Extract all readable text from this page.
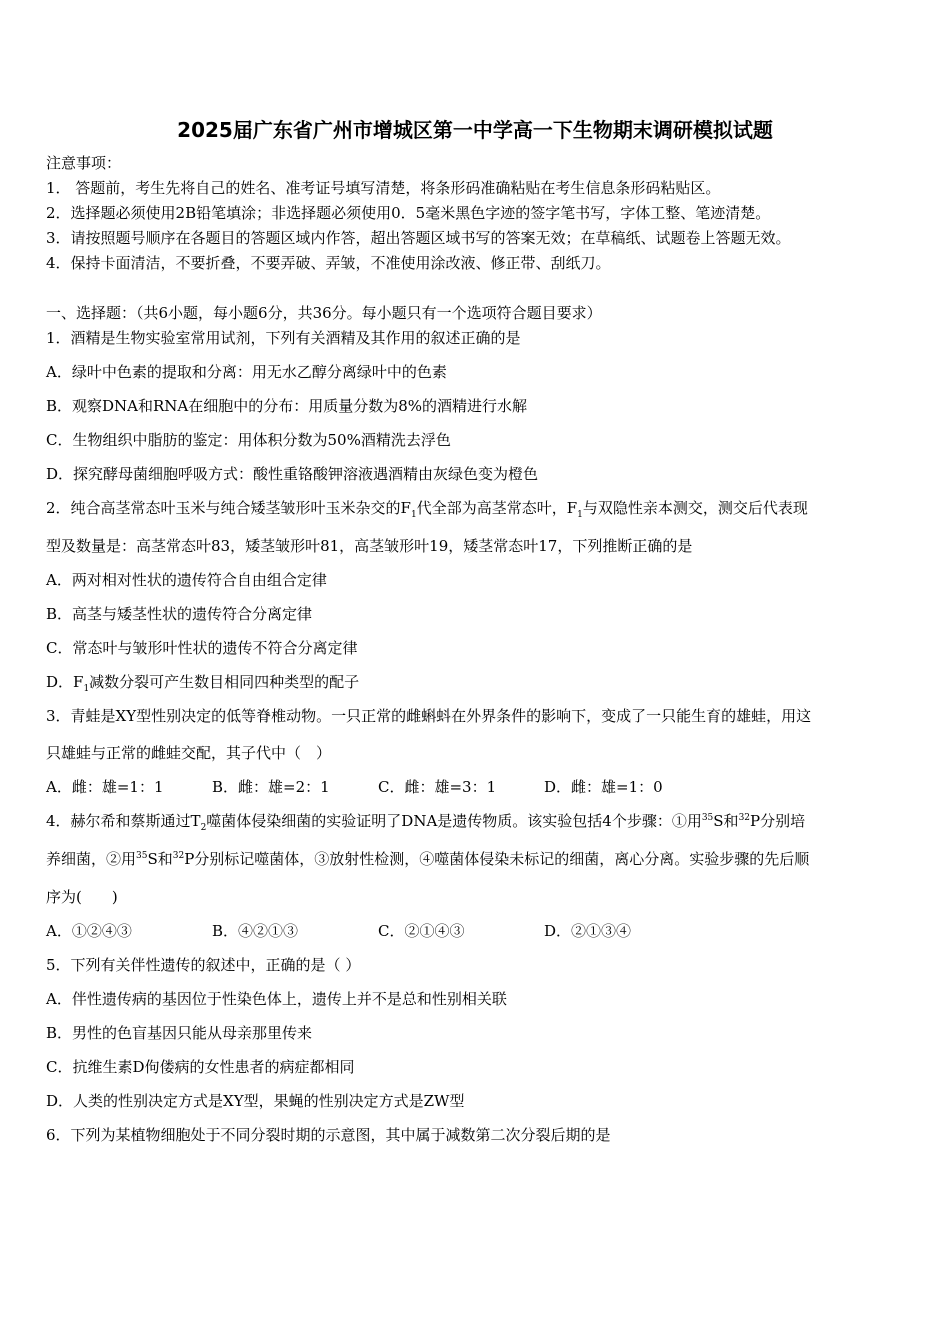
2025届广东省广州市增城区第一中学高一下生物期末调研模拟试题
注意事项：
1． 答题前，考生先将自己的姓名、准考证号填写清楚，将条形码准确粘贴在考生信息条形码粘贴区。
2．选择题必须使用2B铅笔填涂；非选择题必须使用0．5毫米黑色字迹的签字笔书写，字体工整、笔迹清楚。
3．请按照题号顺序在各题目的答题区域内作答，超出答题区域书写的答案无效；在草稿纸、试题卷上答题无效。
4．保持卡面清洁，不要折叠，不要弄破、弄皱，不准使用涂改液、修正带、刮纸刀。
一、选择题：（共6小题，每小题6分，共36分。每小题只有一个选项符合题目要求）
1．酒精是生物实验室常用试剂，下列有关酒精及其作用的叙述正确的是
A．绿叶中色素的提取和分离：用无水乙醇分离绿叶中的色素
B．观察DNA和RNA在细胞中的分布：用质量分数为8%的酒精进行水解
C．生物组织中脂肪的鉴定：用体积分数为50%酒精洗去浮色
D．探究酵母菌细胞呼吸方式：酸性重铬酸钾溶液遇酒精由灰绿色变为橙色
2．纯合高茎常态叶玉米与纯合矮茎皱形叶玉米杂交的$F_1$代全部为高茎常态叶，$F_1$与双隐性亲本测交，测交后代表现
型及数量是：高茎常态叶83，矮茎皱形叶81，高茎皱形叶19，矮茎常态叶17，下列推断正确的是
A．两对相对性状的遗传符合自由组合定律
B．高茎与矮茎性状的遗传符合分离定律
C．常态叶与皱形叶性状的遗传不符合分离定律
D．$F_1$减数分裂可产生数目相同四种类型的配子
3．青蛙是XY型性别决定的低等脊椎动物。一只正常的雌蝌蚪在外界条件的影响下，变成了一只能生育的雄蛙，用这
只雄蛙与正常的雌蛙交配，其子代中（　）
A．雌：雄=1：1	B．雌：雄=2：1	C．雌：雄=3：1	D．雌：雄=1：0
4．赫尔希和蔡斯通过$T_2$噬菌体侵染细菌的实验证明了DNA是遗传物质。该实验包括4个步骤：①用$^{35}$S和$^{32}$P分别培
养细菌，②用$^{35}$S和$^{32}$P分别标记噬菌体，③放射性检测，④噬菌体侵染未标记的细菌，离心分离。实验步骤的先后顺
序为(　　)
A．①②④③	B．④②①③	C．②①④③	D．②①③④
5．下列有关伴性遗传的叙述中，正确的是（ ）
A．伴性遗传病的基因位于性染色体上，遗传上并不是总和性别相关联
B．男性的色盲基因只能从母亲那里传来
C．抗维生素D佝偻病的女性患者的病症都相同
D．人类的性别决定方式是XY型，果蝇的性别决定方式是ZW型
6．下列为某植物细胞处于不同分裂时期的示意图，其中属于减数第二次分裂后期的是
